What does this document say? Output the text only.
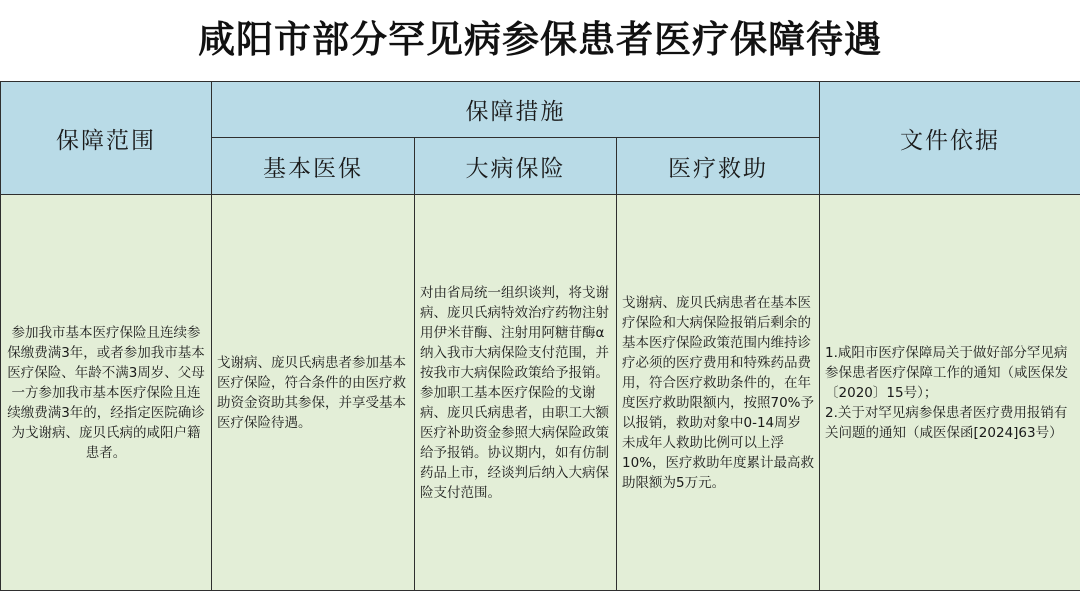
咸阳市部分罕见病参保患者医疗保障待遇
保障范围	保障措施			文件依据
	基本医保	大病保险	医疗救助	

参加我市基本医疗保险且连续参保缴费满3年，或者参加我市基本医疗保险、年龄不满3周岁、父母一方参加我市基本医疗保险且连续缴费满3年的，经指定医院确诊为戈谢病、庞贝氏病的咸阳户籍患者。	戈谢病、庞贝氏病患者参加基本医疗保险，符合条件的由医疗救助资金资助其参保，并享受基本医疗保险待遇。	对由省局统一组织谈判，将戈谢病、庞贝氏病特效治疗药物注射用伊米苷酶、注射用阿糖苷酶α纳入我市大病保险支付范围，并按我市大病保险政策给予报销。参加职工基本医疗保险的戈谢病、庞贝氏病患者，由职工大额医疗补助资金参照大病保险政策给予报销。协议期内，如有仿制药品上市，经谈判后纳入大病保险支付范围。	戈谢病、庞贝氏病患者在基本医疗保险和大病保险报销后剩余的基本医疗保险政策范围内维持诊疗必须的医疗费用和特殊药品费用，符合医疗救助条件的，在年度医疗救助限额内，按照70%予以报销，救助对象中0-14周岁未成年人救助比例可以上浮10%，医疗救助年度累计最高救助限额为5万元。	1.咸阳市医疗保障局关于做好部分罕见病参保患者医疗保障工作的通知（咸医保发〔2020〕15号）；
2.关于对罕见病参保患者医疗费用报销有关问题的通知（咸医保函[2024]63号）
